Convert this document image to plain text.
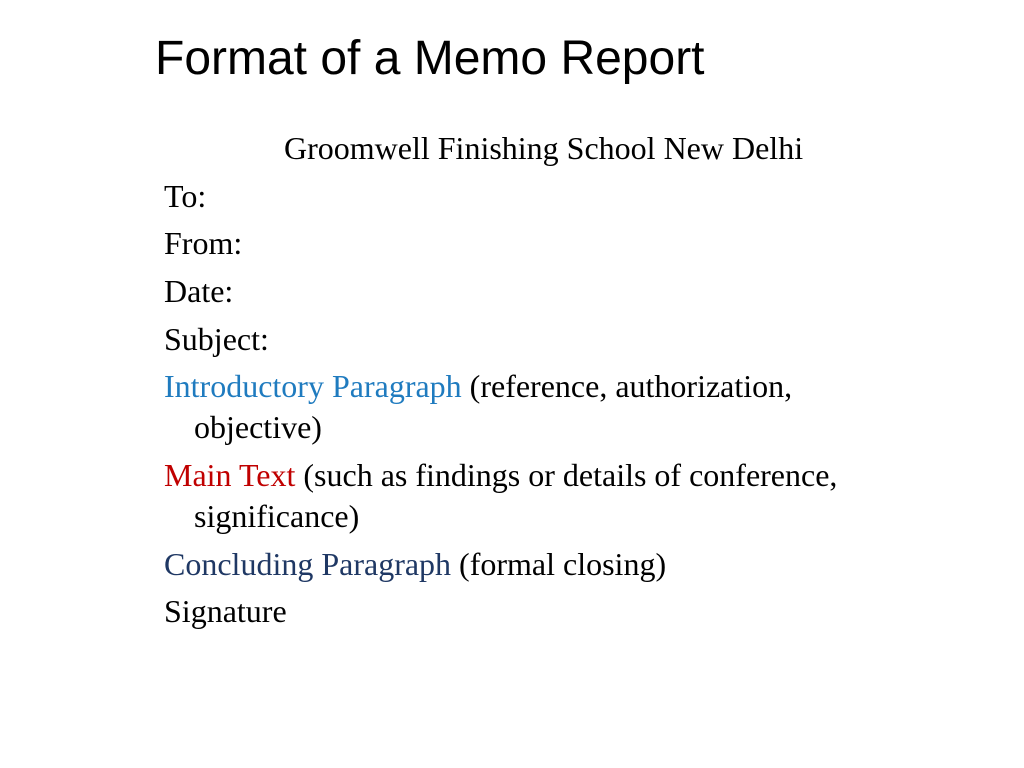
Format of a Memo Report

Groomwell Finishing School New Delhi

To:

From:

Date:

Subject:

Introductory Paragraph (reference, authorization,

objective)

Main Text (such as findings or details of conference,

significance)

Concluding Paragraph (formal closing)

Signature
